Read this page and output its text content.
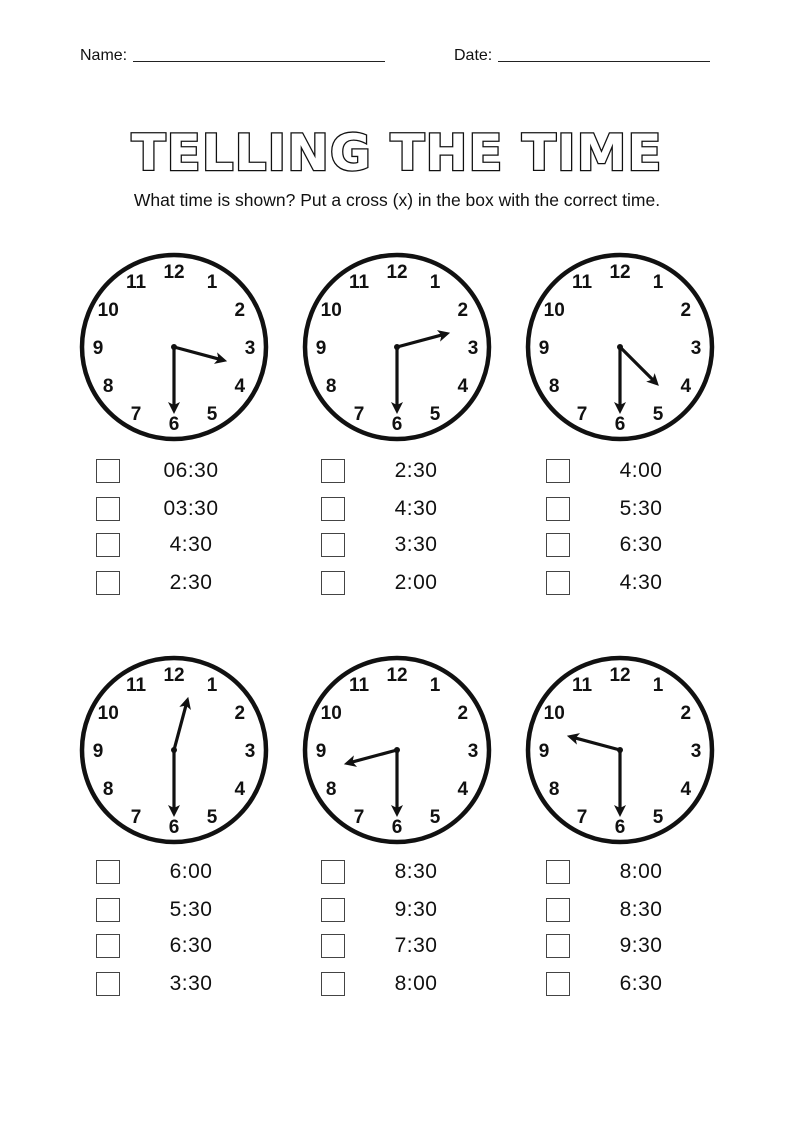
Name:	Date:
TELLING THE TIME
What time is shown? Put a cross (x) in the box with the correct time.
12 1
2
3
4
5
6
7
8
9
10
11
06:30
03:30
4:30
2:30
12 1
2
3
4
5
6
7
8
9
10
11
2:30
4:30
3:30
2:00
12 1
2
3
4
5
6
7
8
9
10
11
4:00
5:30
6:30
4:30
12 1
2
3
4
5
6
7
8
9
10
11
6:00
5:30
6:30
3:30
12 1
2
3
4
5
6
7
8
9
10
11
8:30
9:30
7:30
8:00
12 1
2
3
4
5
6
7
8
9
10
11
8:00
8:30
9:30
6:30
